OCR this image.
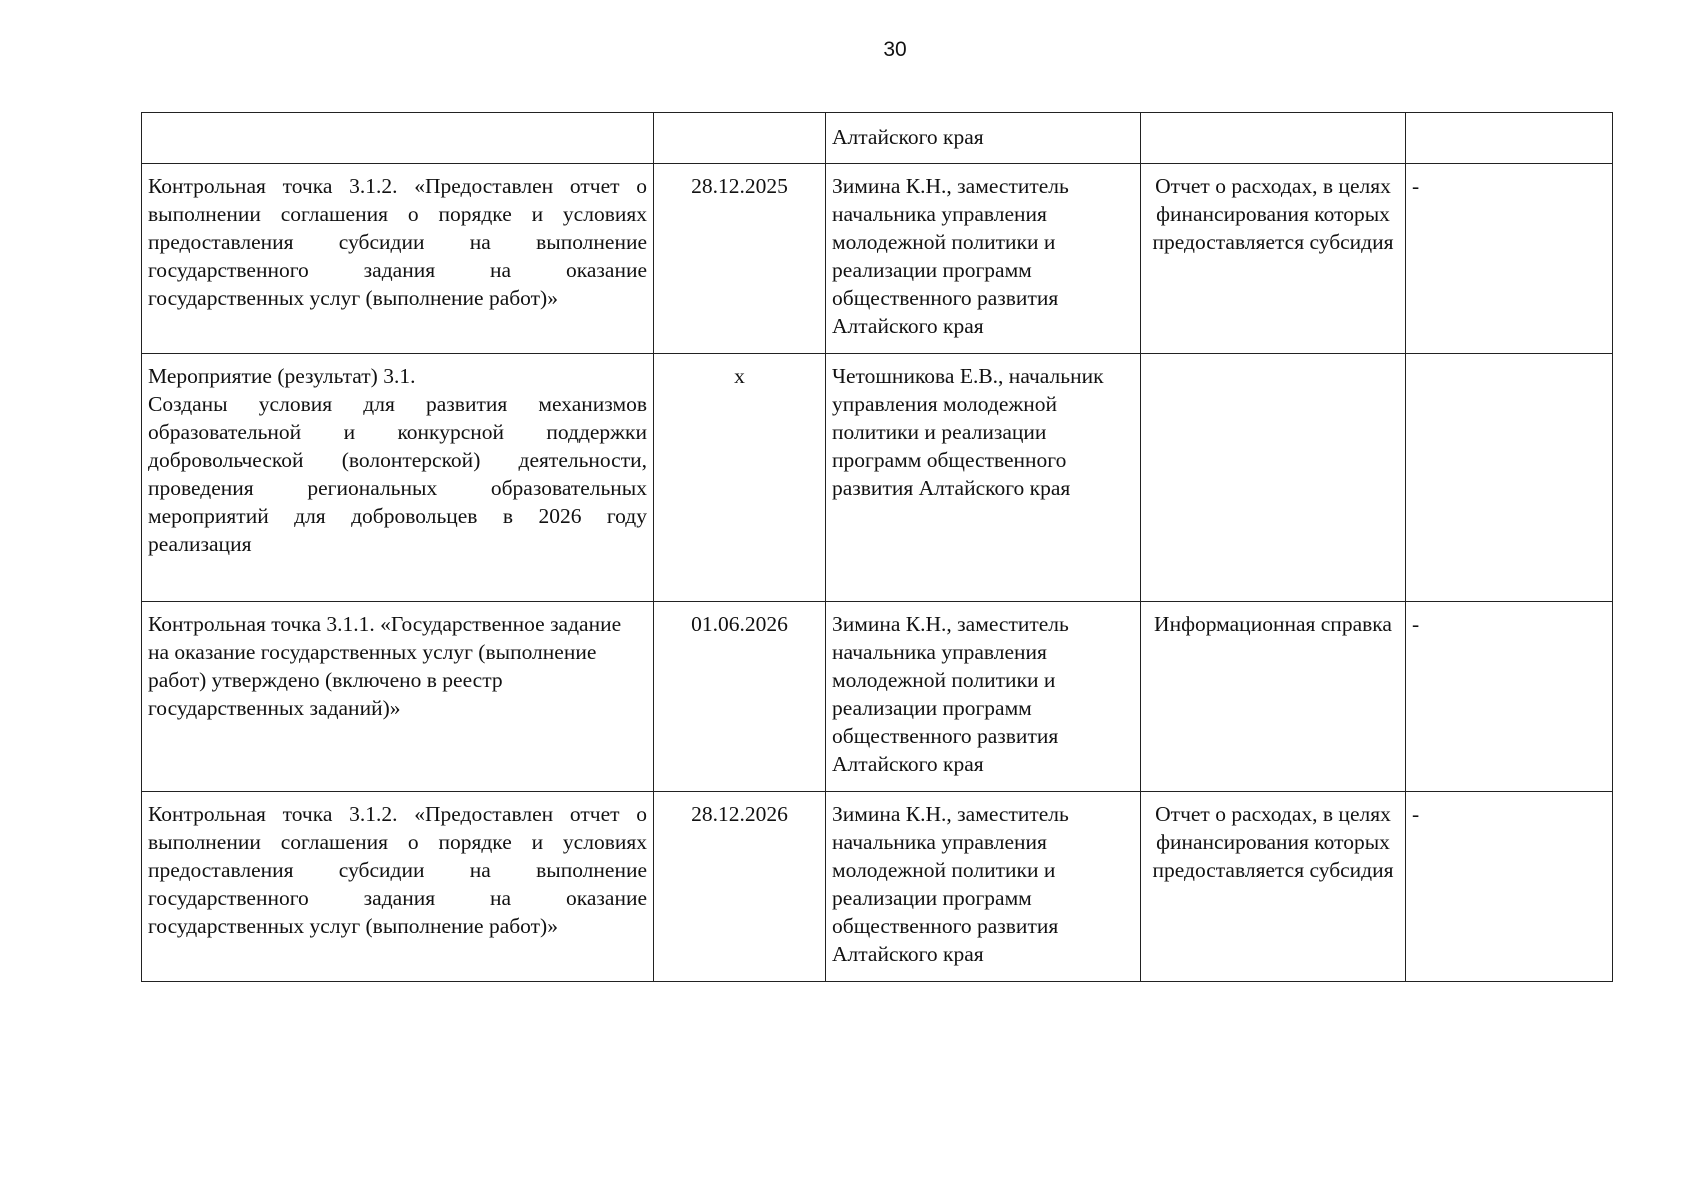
30
		Алтайского края		
Контрольная точка 3.1.2. «Предоставлен отчет о выполнении соглашения о порядке и условиях предоставления субсидии на выполнение государственного задания на оказание государственных услуг (выполнение работ)»	28.12.2025	Зимина К.Н., заместитель начальника управления молодежной политики и реализации программ общественного развития Алтайского края	Отчет о расходах, в целях финансирования которых предоставляется субсидия	-

Мероприятие (результат) 3.1.
Созданы условия для развития механизмов образовательной и конкурсной поддержки добровольческой (волонтерской) деятельности, проведения региональных образовательных мероприятий для добровольцев в 2026 году реализация	x	Четошникова Е.В., начальник управления молодежной политики и реализации программ общественного развития Алтайского края		
Контрольная точка 3.1.1. «Государственное задание на оказание государственных услуг (выполнение работ) утверждено (включено в реестр государственных заданий)»	01.06.2026	Зимина К.Н., заместитель начальника управления молодежной политики и реализации программ общественного развития Алтайского края	Информационная справка	-
Контрольная точка 3.1.2. «Предоставлен отчет о выполнении соглашения о порядке и условиях предоставления субсидии на выполнение государственного задания на оказание государственных услуг (выполнение работ)»	28.12.2026	Зимина К.Н., заместитель начальника управления молодежной политики и реализации программ общественного развития Алтайского края	Отчет о расходах, в целях финансирования которых предоставляется субсидия	-
